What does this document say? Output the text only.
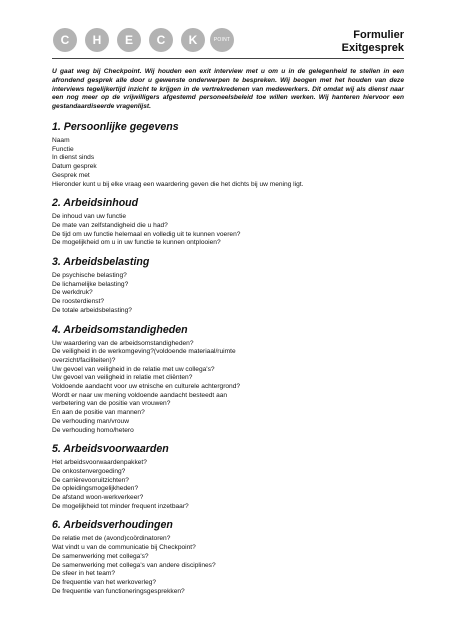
C	H	E	C	K	POINT	Formulier
Exitgesprek

U gaat weg bij Checkpoint. Wij houden een exit interview met u om u in de gelegenheid te stellen in een afrondend gesprek alle door u gewenste onderwerpen te bespreken. Wij beogen met het houden van deze interviews tegelijkertijd inzicht te krijgen in de vertrekredenen van medewerkers. Dit omdat wij als dienst naar een nog meer op de vrijwilligers afgestemd personeelsbeleid toe willen werken. Wij hanteren hiervoor een gestandaardiseerde vragenlijst.

1. Persoonlijke gegevens
Naam
Functie
In dienst sinds
Datum gesprek
Gesprek met
Hieronder kunt u bij elke vraag een waardering geven die het dichts bij uw mening ligt.
2. Arbeidsinhoud
De inhoud van uw functie
De mate van zelfstandigheid die u had?
De tijd om uw functie helemaal en volledig uit te kunnen voeren?
De mogelijkheid om u in uw functie te kunnen ontplooien?
3. Arbeidsbelasting
De psychische belasting?
De lichamelijke belasting?
De werkdruk?
De roosterdienst?
De totale arbeidsbelasting?
4. Arbeidsomstandigheden
Uw waardering van de arbeidsomstandigheden?
De veiligheid in de werkomgeving?(voldoende materiaal/ruimte
overzicht/faciliteiten)?
Uw gevoel van veiligheid in de relatie met uw collega's?
Uw gevoel van veiligheid in relatie met cliënten?
Voldoende aandacht voor uw etnische en culturele achtergrond?
Wordt er naar uw mening voldoende aandacht besteedt aan
verbetering van de positie van vrouwen?
En aan de positie van mannen?
De verhouding man/vrouw
De verhouding homo/hetero
5. Arbeidsvoorwaarden
Het arbeidsvoorwaardenpakket?
De onkostenvergoeding?
De carrièrevooruitzichten?
De opleidingsmogelijkheden?
De afstand woon-werkverkeer?
De mogelijkheid tot minder frequent inzetbaar?
6. Arbeidsverhoudingen
De relatie met de (avond)coördinatoren?
Wat vindt u van de communicatie bij Checkpoint?
De samenwerking met collega's?
De samenwerking met collega's van andere disciplines?
De sfeer in het team?
De frequentie van het werkoverleg?
De frequentie van functioneringsgesprekken?
